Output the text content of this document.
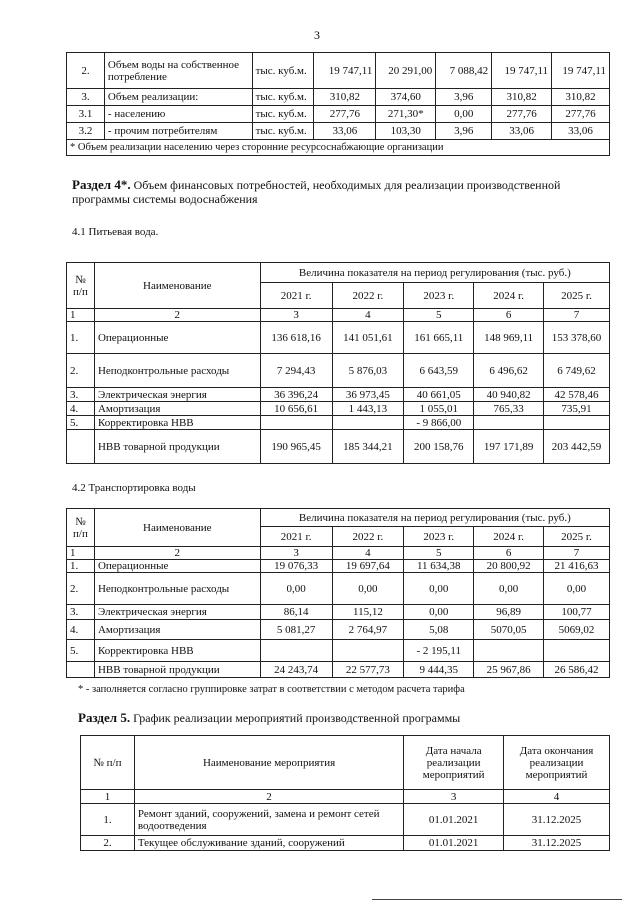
3
2.	Объем воды на собственное потребление	тыс. куб.м.	19 747,11	20 291,00	7 088,42	19 747,11	19 747,11
3.	Объем реализации:	тыс. куб.м.	310,82	374,60	3,96	310,82	310,82
3.1	- населению	тыс. куб.м.	277,76	271,30*	0,00	277,76	277,76
3.2	- прочим потребителям	тыс. куб.м.	33,06	103,30	3,96	33,06	33,06
* Объем реализации населению через сторонние ресурсоснабжающие организации							
Раздел 4*. Объем финансовых потребностей, необходимых для реализации производственной программы системы водоснабжения
4.1 Питьевая вода.
№ п/п	Наименование	Величина показателя на период регулирования (тыс. руб.)				
		2021 г.	2022 г.	2023 г.	2024 г.	2025 г.
1	2	3	4	5	6	7
1.	Операционные	136 618,16	141 051,61	161 665,11	148 969,11	153 378,60
2.	Неподконтрольные расходы	7 294,43	5 876,03	6 643,59	6 496,62	6 749,62
3.	Электрическая энергия	36 396,24	36 973,45	40 661,05	40 940,82	42 578,46
4.	Амортизация	10 656,61	1 443,13	1 055,01	765,33	735,91
5.	Корректировка НВВ			- 9 866,00		
	НВВ товарной продукции	190 965,45	185 344,21	200 158,76	197 171,89	203 442,59
4.2 Транспортировка воды
№ п/п	Наименование	Величина показателя на период регулирования (тыс. руб.)				
		2021 г.	2022 г.	2023 г.	2024 г.	2025 г.
1	2	3	4	5	6	7
1.	Операционные	19 076,33	19 697,64	11 634,38	20 800,92	21 416,63
2.	Неподконтрольные расходы	0,00	0,00	0,00	0,00	0,00
3.	Электрическая энергия	86,14	115,12	0,00	96,89	100,77
4.	Амортизация	5 081,27	2 764,97	5,08	5070,05	5069,02
5.	Корректировка НВВ			- 2 195,11		
	НВВ товарной продукции	24 243,74	22 577,73	9 444,35	25 967,86	26 586,42
* - заполняется согласно группировке затрат в соответствии с методом расчета тарифа
Раздел 5. График реализации мероприятий производственной программы
№ п/п	Наименование мероприятия	Дата начала реализации мероприятий	Дата окончания реализации мероприятий
1	2	3	4
1.	Ремонт зданий, сооружений, замена и ремонт сетей водоотведения	01.01.2021	31.12.2025
2.	Текущее обслуживание зданий, сооружений	01.01.2021	31.12.2025
